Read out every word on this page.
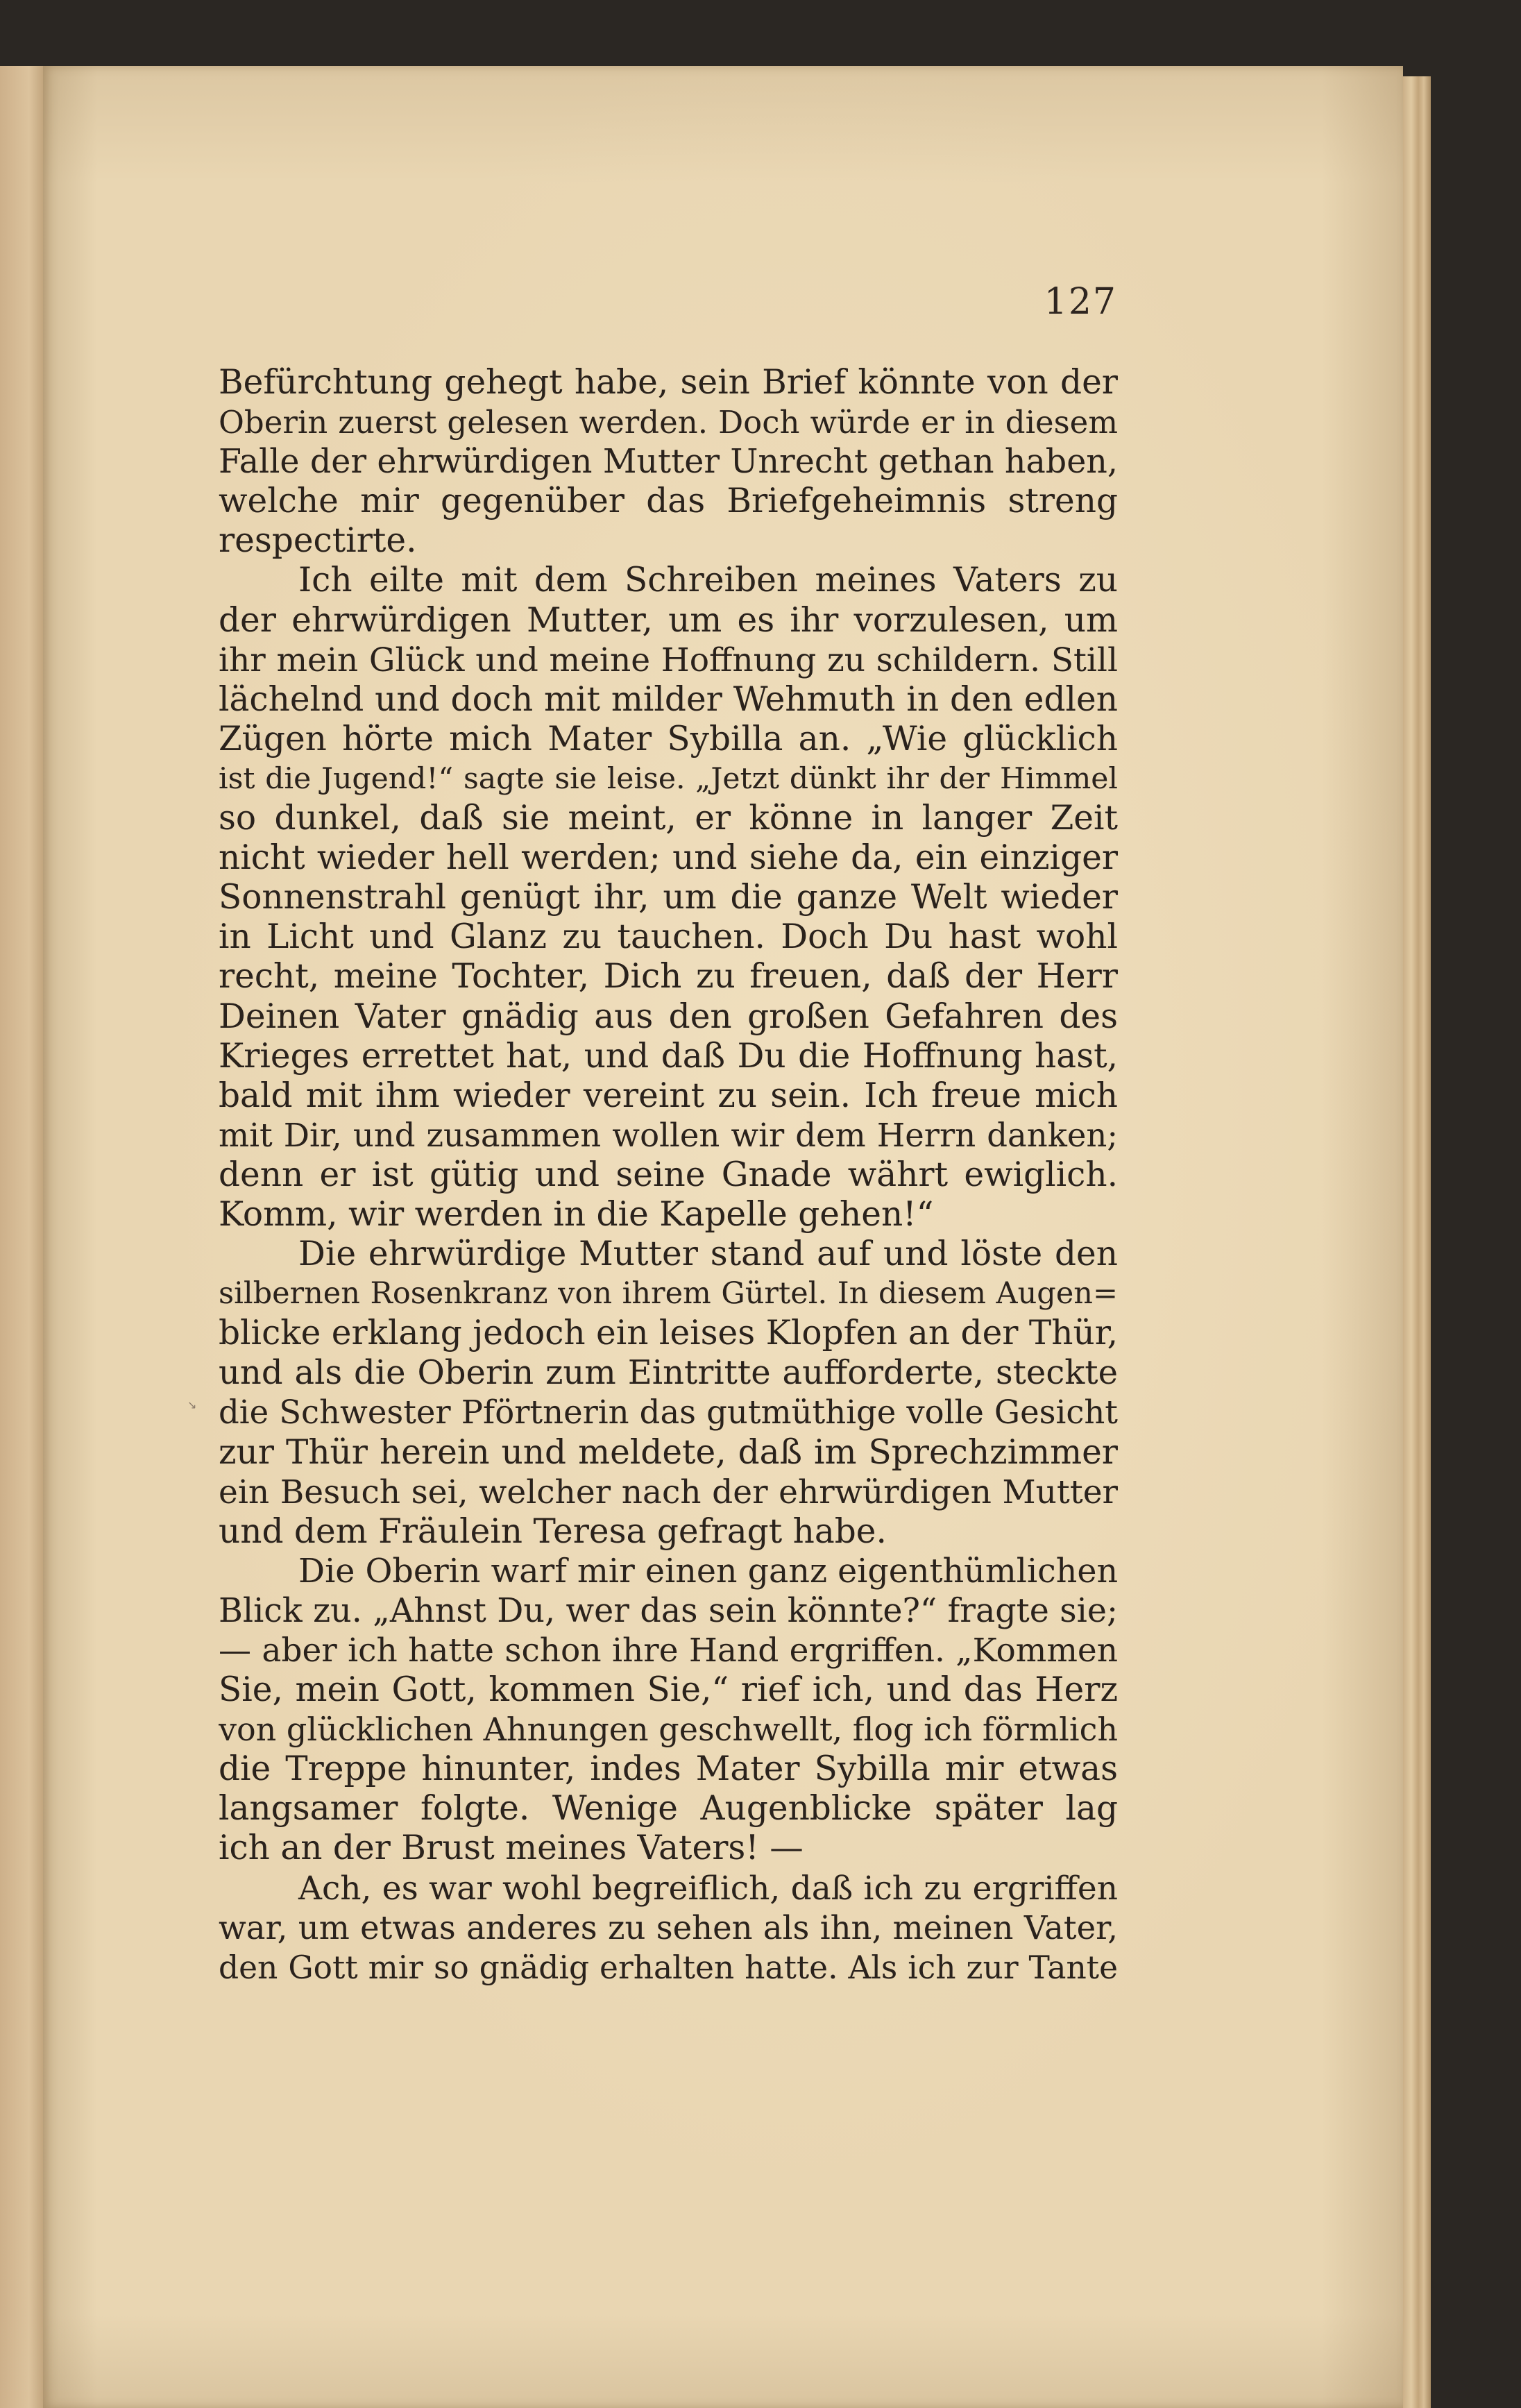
127
Befürchtung gehegt habe, sein Brief könnte von der
Oberin zuerst gelesen werden. Doch würde er in diesem
Falle der ehrwürdigen Mutter Unrecht gethan haben,
welche mir gegenüber das Briefgeheimnis streng
respectirte.
Ich eilte mit dem Schreiben meines Vaters zu
der ehrwürdigen Mutter, um es ihr vorzulesen, um
ihr mein Glück und meine Hoffnung zu schildern. Still
lächelnd und doch mit milder Wehmuth in den edlen
Zügen hörte mich Mater Sybilla an. „Wie glücklich
ist die Jugend!“ sagte sie leise. „Jetzt dünkt ihr der Himmel
so dunkel, daß sie meint, er könne in langer Zeit
nicht wieder hell werden; und siehe da, ein einziger
Sonnenstrahl genügt ihr, um die ganze Welt wieder
in Licht und Glanz zu tauchen. Doch Du hast wohl
recht, meine Tochter, Dich zu freuen, daß der Herr
Deinen Vater gnädig aus den großen Gefahren des
Krieges errettet hat, und daß Du die Hoffnung hast,
bald mit ihm wieder vereint zu sein. Ich freue mich
mit Dir, und zusammen wollen wir dem Herrn danken;
denn er ist gütig und seine Gnade währt ewiglich.
Komm, wir werden in die Kapelle gehen!“
Die ehrwürdige Mutter stand auf und löste den
silbernen Rosenkranz von ihrem Gürtel. In diesem Augen=
blicke erklang jedoch ein leises Klopfen an der Thür,
und als die Oberin zum Eintritte aufforderte, steckte
die Schwester Pförtnerin das gutmüthige volle Gesicht
zur Thür herein und meldete, daß im Sprechzimmer
ein Besuch sei, welcher nach der ehrwürdigen Mutter
und dem Fräulein Teresa gefragt habe.
Die Oberin warf mir einen ganz eigenthümlichen
Blick zu. „Ahnst Du, wer das sein könnte?“ fragte sie;
— aber ich hatte schon ihre Hand ergriffen. „Kommen
Sie, mein Gott, kommen Sie,“ rief ich, und das Herz
von glücklichen Ahnungen geschwellt, flog ich förmlich
die Treppe hinunter, indes Mater Sybilla mir etwas
langsamer folgte. Wenige Augenblicke später lag
ich an der Brust meines Vaters! —
Ach, es war wohl begreiflich, daß ich zu ergriffen
war, um etwas anderes zu sehen als ihn, meinen Vater,
den Gott mir so gnädig erhalten hatte. Als ich zur Tante
↘
